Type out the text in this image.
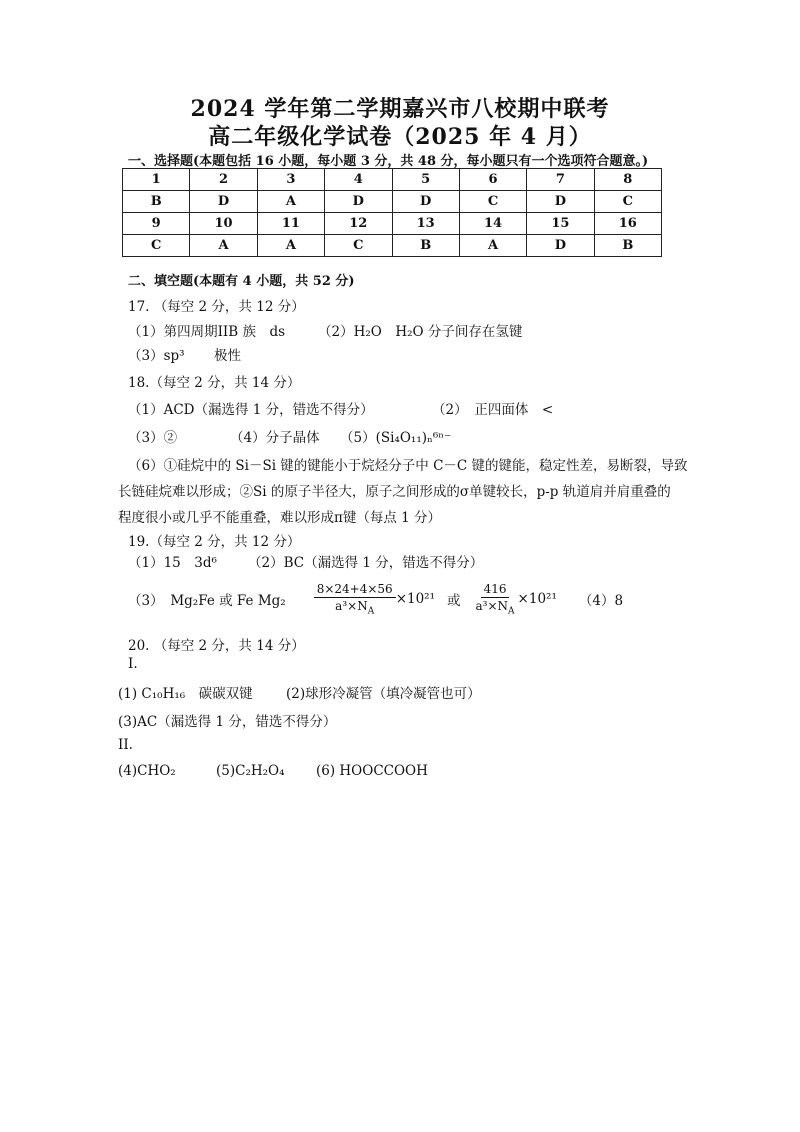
2024 学年第二学期嘉兴市八校期中联考
高二年级化学试卷（2025 年 4 月）
一、选择题(本题包括 16 小题，每小题 3 分，共 48 分，每小题只有一个选项符合题意。)
1	2	3	4	5	6	7	8
B	D	A	D	D	C	D	C
9	10	11	12	13	14	15	16
C	A	A	C	B	A	D	B
二、填空题(本题有 4 小题，共 52 分)
17. （每空 2 分，共 12 分）
（1）第四周期IIB 族　ds （2）H₂O　H₂O 分子间存在氢键
（3）sp³ 极性
18.（每空 2 分，共 14 分）
（1）ACD（漏选得 1 分，错选不得分）	（2）　正四面体　<
（3）②	（4）分子晶体 （5）(Si₄O₁₁)ₙ⁶ⁿ⁻
（6）①硅烷中的 Si－Si 键的键能小于烷烃分子中 C－C 键的键能，稳定性差，易断裂，导致
长链硅烷难以形成；②Si 的原子半径大，原子之间形成的σ单键较长，p-p 轨道肩并肩重叠的
程度很小或几乎不能重叠，难以形成π键（每点 1 分）
19.（每空 2 分，共 12 分）
（1）15　3d⁶ （2）BC（漏选得 1 分，错选不得分）
（3）　Mg₂Fe 或 Fe $Mg_2 \frac{8\times 24+4\times 56}{a^3\times N_A} \times 10^{21}$ 或 $\frac{416}{a^3\times N_A} \times 10^{21}$ （4）8
20. （每空 2 分，共 14 分）
I.
(1) C₁₀H₁₆　碳碳双键 (2)球形冷凝管（填冷凝管也可）
(3)AC（漏选得 1 分，错选不得分）
II.
(4)CHO₂	(5)C₂H₂O₄ (6) HOOCCOOH
